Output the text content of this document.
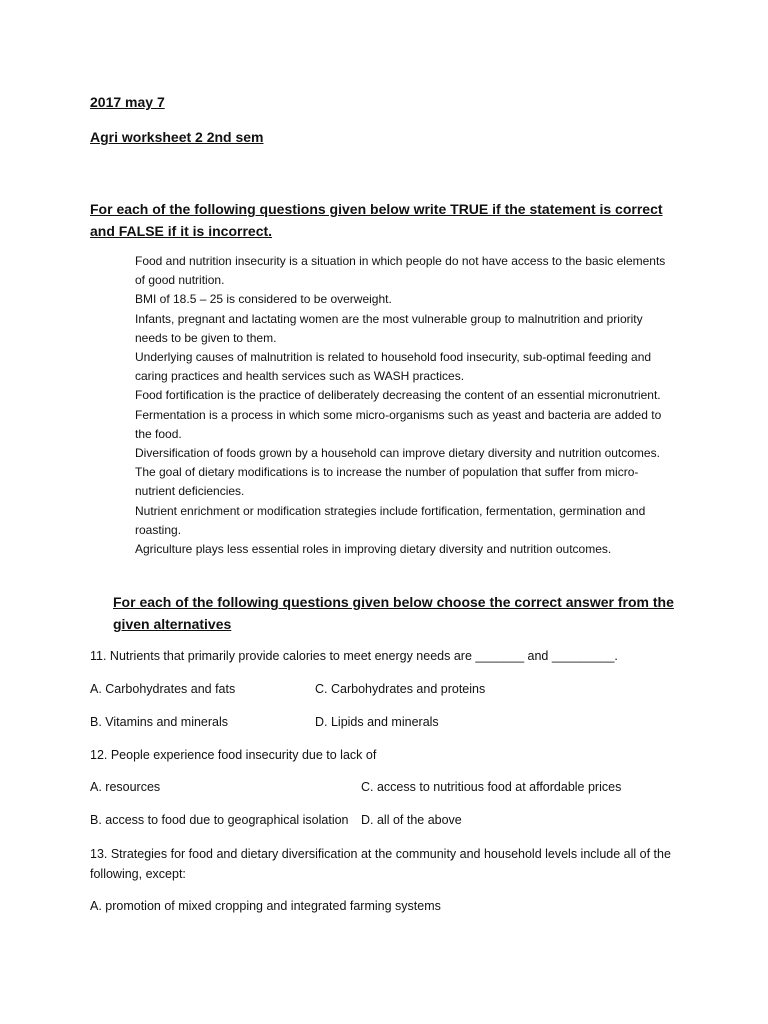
2017 may 7
Agri worksheet 2 2nd sem
For each of the following questions given below write TRUE if the statement is correct and FALSE if it is incorrect.

Food and nutrition insecurity is a situation in which people do not have access to the basic elements of good nutrition.

BMI of 18.5 – 25 is considered to be overweight.

Infants, pregnant and lactating women are the most vulnerable group to malnutrition and priority needs to be given to them.

Underlying causes of malnutrition is related to household food insecurity, sub-optimal feeding and caring practices and health services such as WASH practices.

Food fortification is the practice of deliberately decreasing the content of an essential micronutrient.

Fermentation is a process in which some micro-organisms such as yeast and bacteria are added to the food.

Diversification of foods grown by a household can improve dietary diversity and nutrition outcomes.

The goal of dietary modifications is to increase the number of population that suffer from micro-nutrient deficiencies.

Nutrient enrichment or modification strategies include fortification, fermentation, germination and roasting.

Agriculture plays less essential roles in improving dietary diversity and nutrition outcomes.

For each of the following questions given below choose the correct answer from the given alternatives
11. Nutrients that primarily provide calories to meet energy needs are _______ and _________.
A. Carbohydrates and fats	C. Carbohydrates and proteins
B. Vitamins and minerals	D. Lipids and minerals
12. People experience food insecurity due to lack of
A. resources	C. access to nutritious food at affordable prices
B. access to food due to geographical isolation D. all of the above
13. Strategies for food and dietary diversification at the community and household levels include all of the following, except:
A. promotion of mixed cropping and integrated farming systems
